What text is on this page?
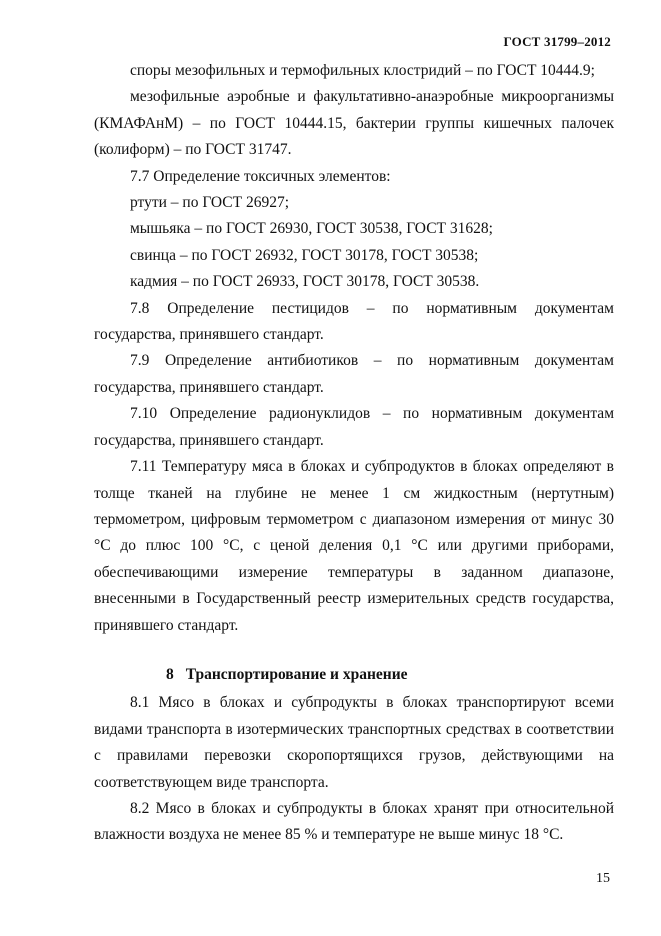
ГОСТ 31799–2012

споры мезофильных и термофильных клостридий – по ГОСТ 10444.9;

мезофильные аэробные и факультативно-анаэробные микроорганизмы (КМАФАнМ) – по ГОСТ 10444.15, бактерии группы кишечных палочек (колиформ) – по ГОСТ 31747.

7.7 Определение токсичных элементов:

ртути – по ГОСТ 26927;

мышьяка – по ГОСТ 26930, ГОСТ 30538, ГОСТ 31628;

свинца – по ГОСТ 26932, ГОСТ 30178, ГОСТ 30538;

кадмия – по ГОСТ 26933, ГОСТ 30178, ГОСТ 30538.

7.8 Определение пестицидов – по нормативным документам государства, принявшего стандарт.

7.9 Определение антибиотиков – по нормативным документам государства, принявшего стандарт.

7.10 Определение радионуклидов – по нормативным документам государства, принявшего стандарт.

7.11 Температуру мяса в блоках и субпродуктов в блоках определяют в толще тканей на глубине не менее 1 см жидкостным (нертутным) термометром, цифровым термометром с диапазоном измерения от минус 30 °С до плюс 100 °С, с ценой деления 0,1 °С или другими приборами, обеспечивающими измерение температуры в заданном диапазоне, внесенными в Государственный реестр измерительных средств государства, принявшего стандарт.

8 Транспортирование и хранение

8.1 Мясо в блоках и субпродукты в блоках транспортируют всеми видами транспорта в изотермических транспортных средствах в соответствии с правилами перевозки скоропортящихся грузов, действующими на соответствующем виде транспорта.

8.2 Мясо в блоках и субпродукты в блоках хранят при относительной влажности воздуха не менее 85 % и температуре не выше минус 18 °С.

15
